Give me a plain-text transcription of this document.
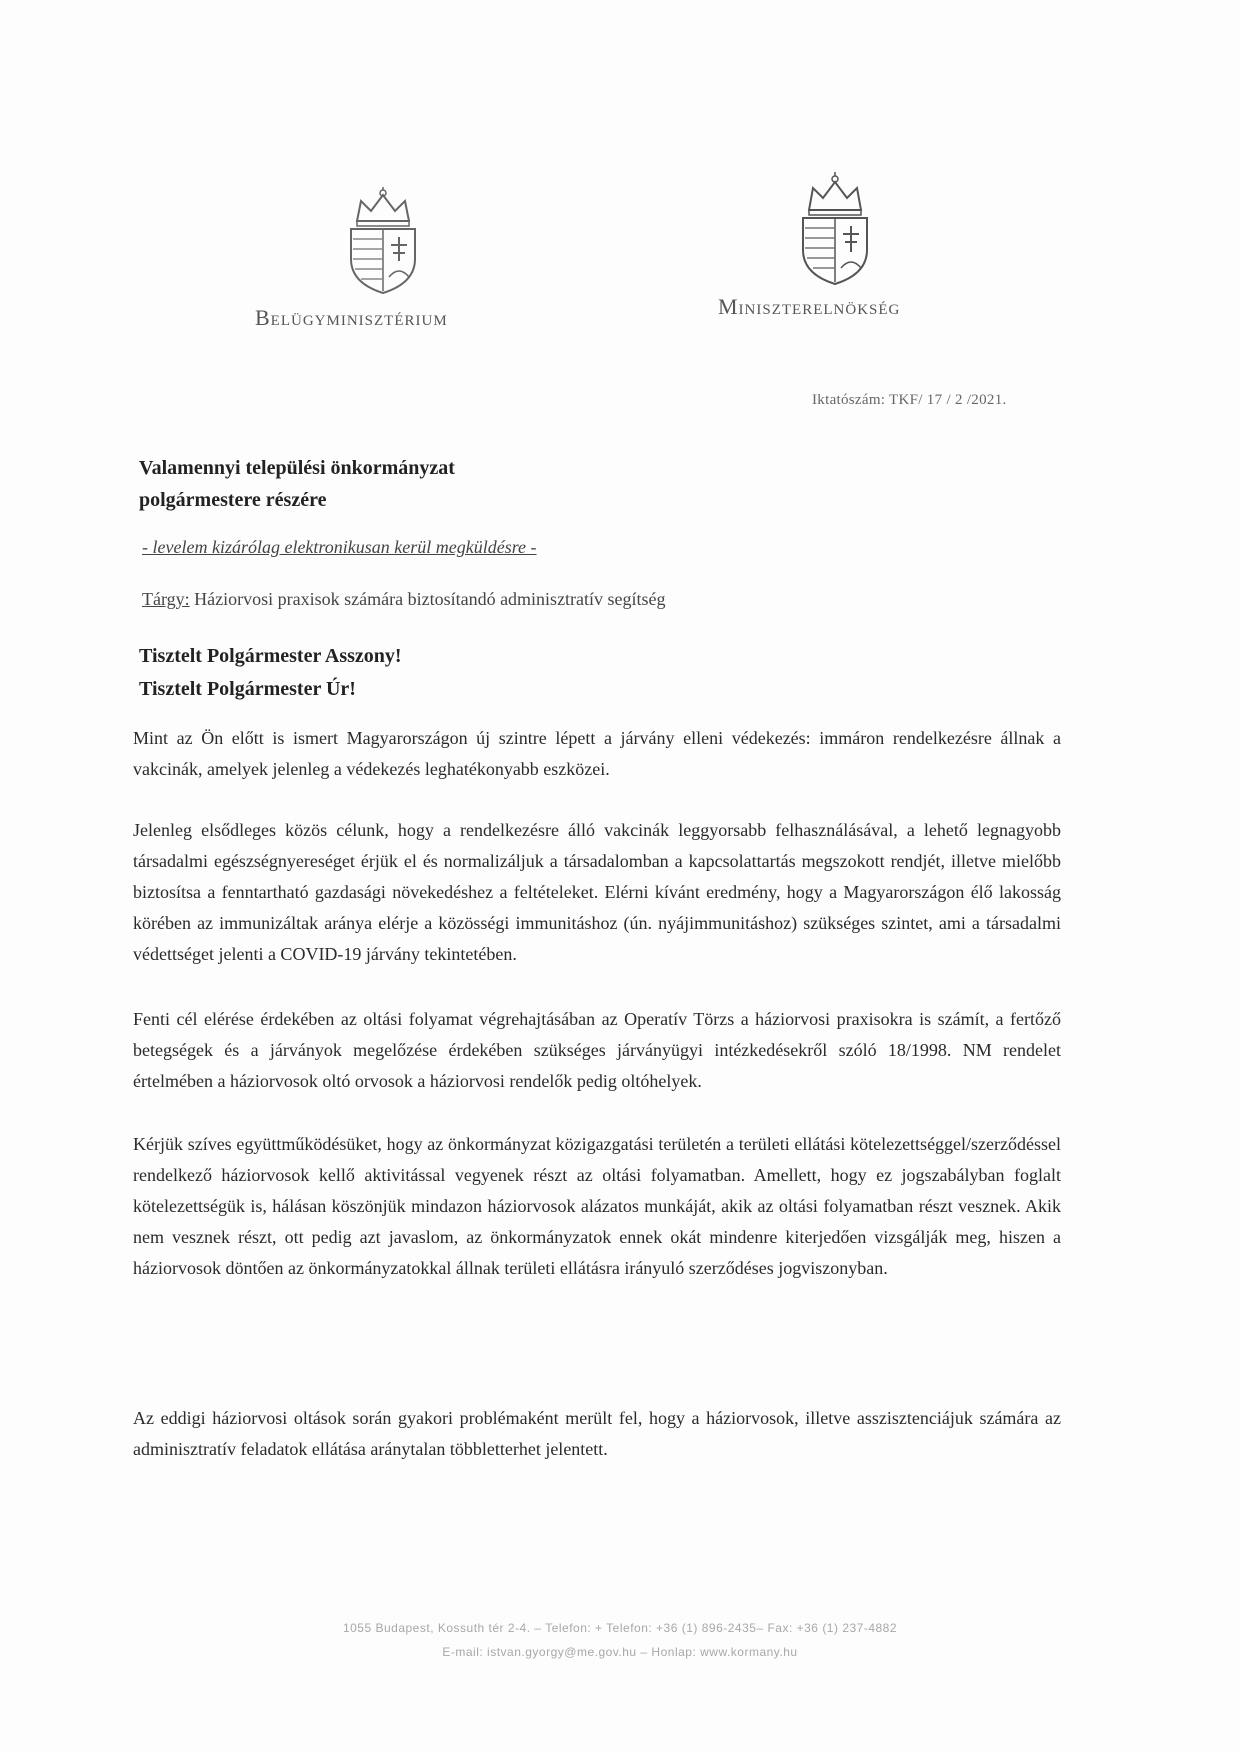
Belügyminisztérium	Miniszterelnökség
Iktatószám: TKF/ 17 / 2 /2021.
Valamennyi települési önkormányzat
polgármestere részére
- levelem kizárólag elektronikusan kerül megküldésre -
Tárgy: Háziorvosi praxisok számára biztosítandó adminisztratív segítség
Tisztelt Polgármester Asszony!
Tisztelt Polgármester Úr!
Mint az Ön előtt is ismert Magyarországon új szintre lépett a járvány elleni védekezés: immáron rendelkezésre állnak a vakcinák, amelyek jelenleg a védekezés leghatékonyabb eszközei.
Jelenleg elsődleges közös célunk, hogy a rendelkezésre álló vakcinák leggyorsabb felhasználásával, a lehető legnagyobb társadalmi egészségnyereséget érjük el és normalizáljuk a társadalomban a kapcsolattartás megszokott rendjét, illetve mielőbb biztosítsa a fenntartható gazdasági növekedéshez a feltételeket. Elérni kívánt eredmény, hogy a Magyarországon élő lakosság körében az immunizáltak aránya elérje a közösségi immunitáshoz (ún. nyájimmunitáshoz) szükséges szintet, ami a társadalmi védettséget jelenti a COVID-19 járvány tekintetében.
Fenti cél elérése érdekében az oltási folyamat végrehajtásában az Operatív Törzs a háziorvosi praxisokra is számít, a fertőző betegségek és a járványok megelőzése érdekében szükséges járványügyi intézkedésekről szóló 18/1998. NM rendelet értelmében a háziorvosok oltó orvosok a háziorvosi rendelők pedig oltóhelyek.
Kérjük szíves együttműködésüket, hogy az önkormányzat közigazgatási területén a területi ellátási kötelezettséggel/szerződéssel rendelkező háziorvosok kellő aktivitással vegyenek részt az oltási folyamatban. Amellett, hogy ez jogszabályban foglalt kötelezettségük is, hálásan köszönjük mindazon háziorvosok alázatos munkáját, akik az oltási folyamatban részt vesznek. Akik nem vesznek részt, ott pedig azt javaslom, az önkormányzatok ennek okát mindenre kiterjedően vizsgálják meg, hiszen a háziorvosok döntően az önkormányzatokkal állnak területi ellátásra irányuló szerződéses jogviszonyban.
Az eddigi háziorvosi oltások során gyakori problémaként merült fel, hogy a háziorvosok, illetve asszisztenciájuk számára az adminisztratív feladatok ellátása aránytalan többletterhet jelentett.
1055 Budapest, Kossuth tér 2-4. – Telefon: + Telefon: +36 (1) 896-2435– Fax: +36 (1) 237-4882
E-mail: istvan.gyorgy@me.gov.hu – Honlap: www.kormany.hu
